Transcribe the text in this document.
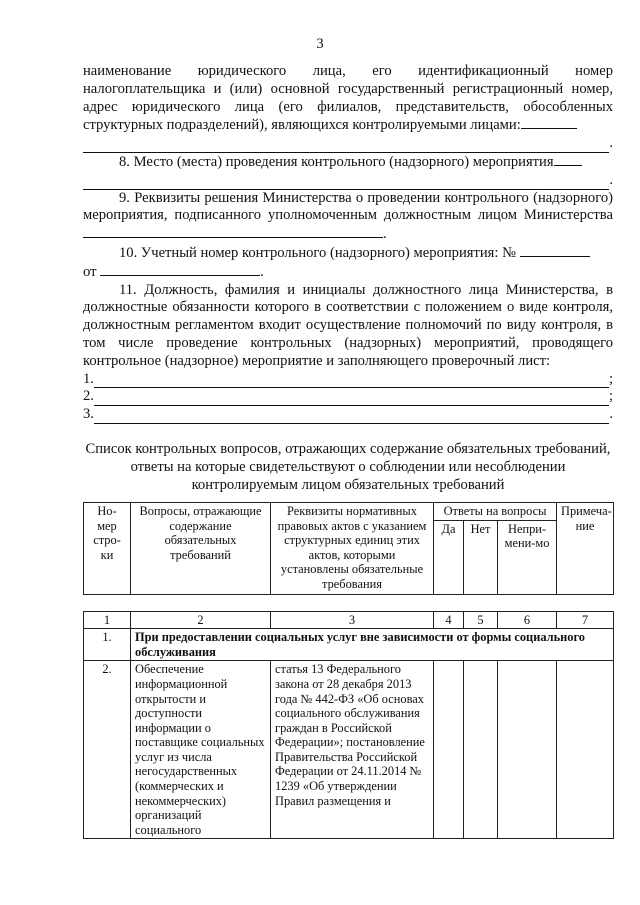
3
наименование юридического лица, его идентификационный номер налогоплательщика и (или) основной государственный регистрационный номер, адрес юридического лица (его филиалов, представительств, обособленных структурных подразделений), являющихся контролируемыми лицами:
.
8. Место (места) проведения контрольного (надзорного) мероприятия
.
9. Реквизиты решения Министерства о проведении контрольного (надзорного) мероприятия, подписанного уполномоченным должностным лицом Министерства.
10. Учетный номер контрольного (надзорного) мероприятия: №
от	.
11. Должность, фамилия и инициалы должностного лица Министерства, в должностные обязанности которого в соответствии с положением о виде контроля, должностным регламентом входит осуществление полномочий по виду контроля, в том числе проведение контрольных (надзорных) мероприятий, проводящего контрольное (надзорное) мероприятие и заполняющего проверочный лист:
1.	;
2.	;
3.	.
Список контрольных вопросов, отражающих содержание обязательных требований, ответы на которые свидетельствуют о соблюдении или несоблюдении контролируемым лицом обязательных требований
Но-мер стро-ки	Вопросы, отражающие содержание обязательных требований	Реквизиты нормативных правовых актов с указанием структурных единиц этих актов, которыми установлены обязательные требования	Ответы на вопросы			Примеча-ние
			Да	Нет	Непри-мени-мо	
1	2	3	4	5	6	7
1.	При предоставлении социальных услуг вне зависимости от формы социального обслуживания					
2.	Обеспечение информационной открытости и доступности информации о поставщике социальных услуг из числа негосударственных (коммерческих и некоммерческих) организаций социального	статья 13 Федерального закона от 28 декабря 2013 года № 442-ФЗ «Об основах социального обслуживания граждан в Российской Федерации»; постановление Правительства Российской Федерации от 24.11.2014 № 1239 «Об утверждении Правил размещения и				
